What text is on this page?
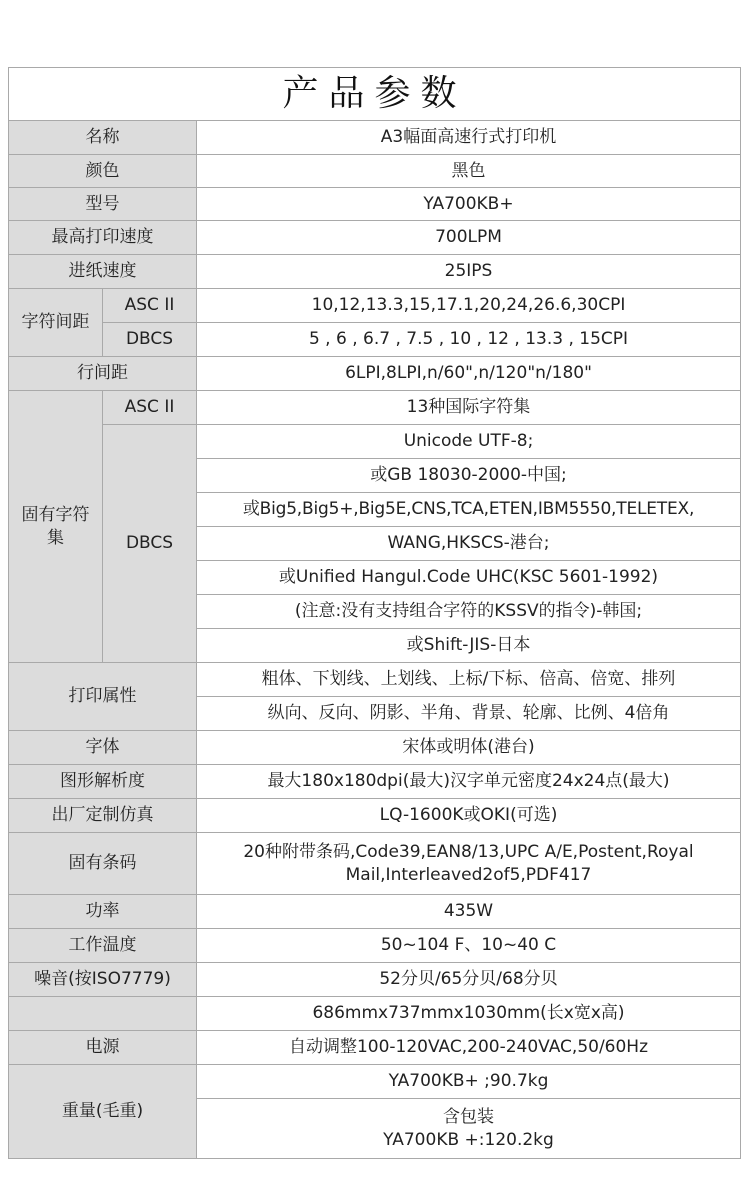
产品参数		
名称		A3幅面高速行式打印机
颜色		黑色
型号		YA700KB+
最高打印速度		700LPM
进纸速度		25IPS
字符间距	ASC II	10,12,13.3,15,17.1,20,24,26.6,30CPI
	DBCS	5 , 6 , 6.7 , 7.5 , 10 , 12 , 13.3 , 15CPI
行间距		6LPI,8LPI,n/60",n/120"n/180"
固有字符
集	ASC II	13种国际字符集
	DBCS	Unicode UTF-8;
		或GB 18030-2000-中国;
		或Big5,Big5+,Big5E,CNS,TCA,ETEN,IBM5550,TELETEX,
		WANG,HKSCS-港台;
		或Unified Hangul.Code UHC(KSC 5601-1992)
		(注意:没有支持组合字符的KSSV的指令)-韩国;
		或Shift-JIS-日本
打印属性		粗体、下划线、上划线、上标/下标、倍高、倍宽、排列
		纵向、反向、阴影、半角、背景、轮廓、比例、4倍角
字体		宋体或明体(港台)
图形解析度		最大180x180dpi(最大)汉字单元密度24x24点(最大)
出厂定制仿真		LQ-1600K或OKI(可选)
固有条码		20种附带条码,Code39,EAN8/13,UPC A/E,Postent,Royal
Mail,Interleaved2of5,PDF417
功率		435W
工作温度		50~104 F、10~40 C
噪音(按ISO7779)		52分贝/65分贝/68分贝
		686mmx737mmx1030mm(长x宽x高)
电源		自动调整100-120VAC,200-240VAC,50/60Hz
重量(毛重)		YA700KB+ ;90.7kg
		含包装
YA700KB +:120.2kg
